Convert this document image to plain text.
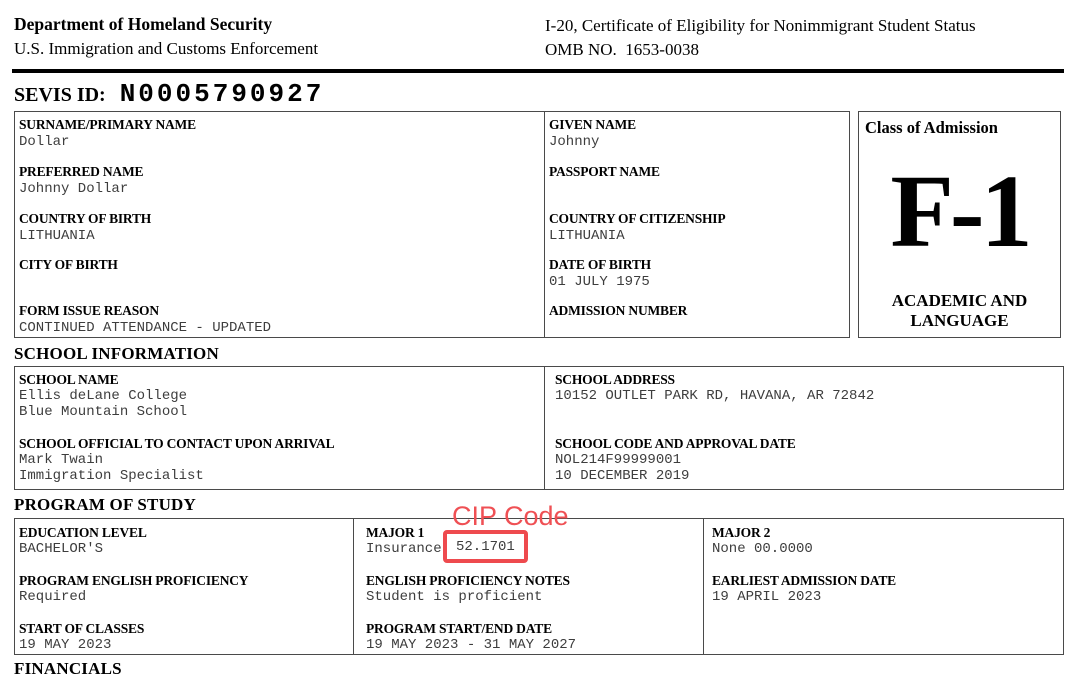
Department of Homeland Security
U.S. Immigration and Customs Enforcement
I-20, Certificate of Eligibility for Nonimmigrant Student Status
OMB NO.  1653-0038
SEVIS ID: N0005790927
SURNAME/PRIMARY NAME
Dollar
PREFERRED NAME
Johnny Dollar
COUNTRY OF BIRTH
LITHUANIA
CITY OF BIRTH
FORM ISSUE REASON
CONTINUED ATTENDANCE - UPDATED
GIVEN NAME
Johnny
PASSPORT NAME
COUNTRY OF CITIZENSHIP
LITHUANIA
DATE OF BIRTH
01 JULY 1975
ADMISSION NUMBER
Class of Admission
F-1
ACADEMIC AND
LANGUAGE
SCHOOL INFORMATION
SCHOOL NAME
Ellis deLane College
Blue Mountain School
SCHOOL OFFICIAL TO CONTACT UPON ARRIVAL
Mark Twain
Immigration Specialist
SCHOOL ADDRESS
10152 OUTLET PARK RD, HAVANA, AR 72842
SCHOOL CODE AND APPROVAL DATE
NOL214F99999001
10 DECEMBER 2019
PROGRAM OF STUDY	CIP Code
EDUCATION LEVEL
BACHELOR'S
MAJOR 1
Insurance	52.1701
MAJOR 2
None 00.0000
PROGRAM ENGLISH PROFICIENCY
Required
ENGLISH PROFICIENCY NOTES
Student is proficient
EARLIEST ADMISSION DATE
19 APRIL 2023
START OF CLASSES
19 MAY 2023
PROGRAM START/END DATE
19 MAY 2023 - 31 MAY 2027
FINANCIALS
